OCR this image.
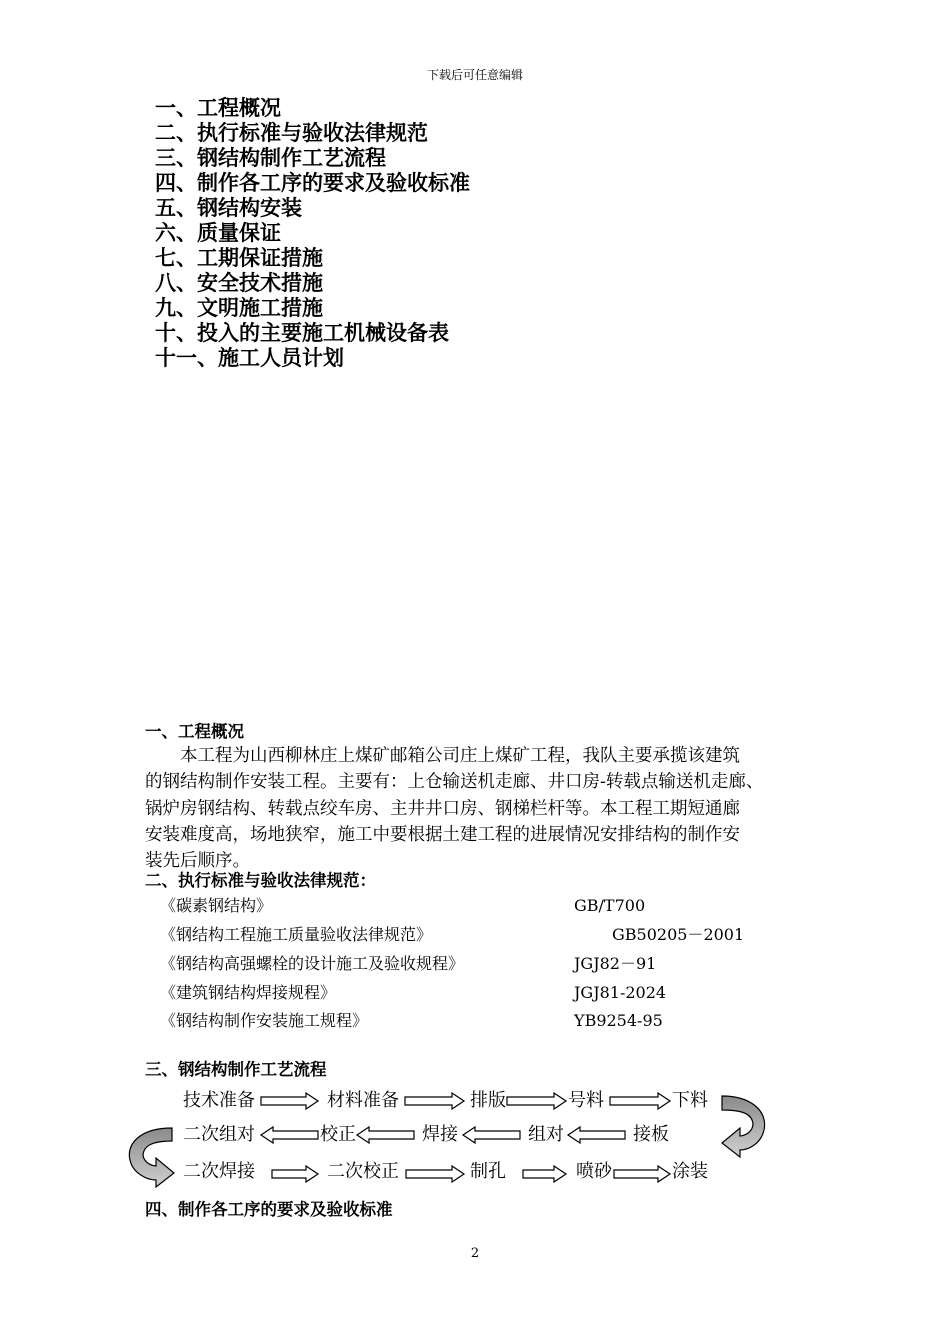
下载后可任意编辑
一、工程概况
二、执行标准与验收法律规范
三、钢结构制作工艺流程
四、制作各工序的要求及验收标准
五、钢结构安装
六、质量保证
七、工期保证措施
八、安全技术措施
九、文明施工措施
十、投入的主要施工机械设备表
十一、施工人员计划
一、工程概况
　　本工程为山西柳林庄上煤矿邮箱公司庄上煤矿工程，我队主要承揽该建筑
的钢结构制作安装工程。主要有：上仓输送机走廊、井口房-转载点输送机走廊、
锅炉房钢结构、转载点绞车房、主井井口房、钢梯栏杆等。本工程工期短通廊
安装难度高，场地狭窄，施工中要根据土建工程的进展情况安排结构的制作安
装先后顺序。
二、执行标准与验收法律规范：
《碳素钢结构》	GB/T700
《钢结构工程施工质量验收法律规范》	GB50205－2001
《钢结构高强螺栓的设计施工及验收规程》	JGJ82－91
《建筑钢结构焊接规程》	JGJ81-2024
《钢结构制作安装施工规程》	YB9254-95
三、钢结构制作工艺流程
技术准备	材料准备	排版	号料	下料
二次组对	校正	焊接	组对	接板
二次焊接	二次校正	制孔	喷砂	涂装
四、制作各工序的要求及验收标准
2
